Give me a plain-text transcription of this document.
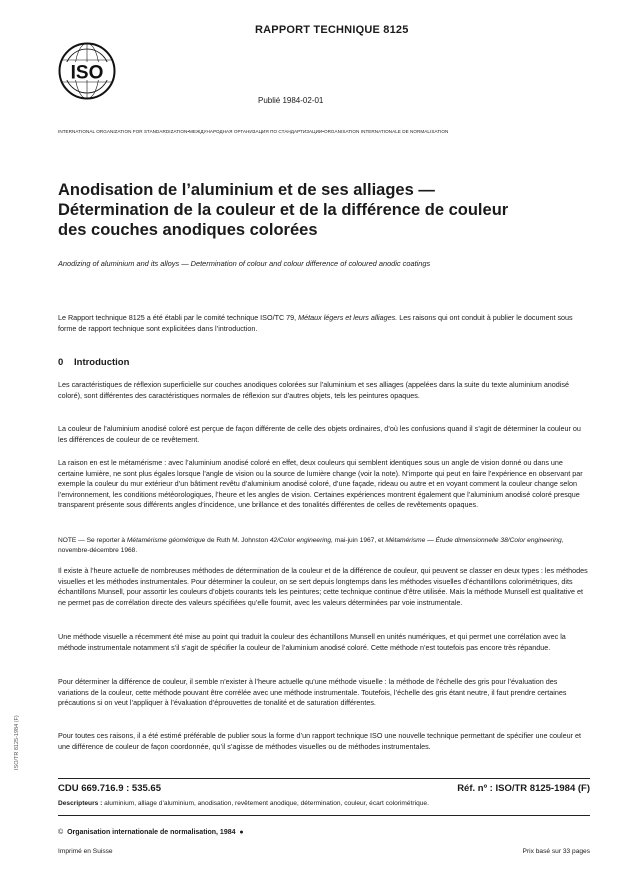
RAPPORT TECHNIQUE 8125
ISO
Publié 1984-02-01
INTERNATIONAL ORGANIZATION FOR STANDARDIZATION•МЕЖДУНАРОДНАЯ ОРГАНИЗАЦИЯ ПО СТАНДАРТИЗАЦИИ•ORGANISATION INTERNATIONALE DE NORMALISATION
Anodisation de l’aluminium et de ses alliages —
Détermination de la couleur et de la différence de couleur
des couches anodiques colorées
Anodizing of aluminium and its alloys — Determination of colour and colour difference of coloured anodic coatings
Le Rapport technique 8125 a été établi par le comité technique ISO/TC 79, Métaux légers et leurs alliages. Les raisons qui ont conduit à publier le document sous forme de rapport technique sont explicitées dans l’introduction.
0 Introduction
Les caractéristiques de réflexion superficielle sur couches anodiques colorées sur l’aluminium et ses alliages (appelées dans la suite du texte aluminium anodisé coloré), sont différentes des caractéristiques normales de réflexion sur d’autres objets, tels les peintures opaques.
La couleur de l’aluminium anodisé coloré est perçue de façon différente de celle des objets ordinaires, d’où les confusions quand il s’agit de déterminer la couleur ou les différences de couleur de ce revêtement.
La raison en est le métamérisme : avec l’aluminium anodisé coloré en effet, deux couleurs qui semblent identiques sous un angle de vision donné ou dans une certaine lumière, ne sont plus égales lorsque l’angle de vision ou la source de lumière change (voir la note). N’importe qui peut en faire l’expérience en observant par exemple la couleur du mur extérieur d’un bâtiment revêtu d’aluminium anodisé coloré, d’une façade, rideau ou autre et en voyant comment la couleur change selon l’environnement, les conditions météorologiques, l’heure et les angles de vision. Certaines expériences montrent également que l’aluminium anodisé coloré presque transparent présente sous différents angles d’incidence, une brillance et des tonalités différentes de celles de revêtements opaques.
NOTE — Se reporter à Métamérisme géométrique de Ruth M. Johnston 42/Color engineering, mai-juin 1967, et Métamérisme — Étude dimensionnelle 38/Color engineering, novembre-décembre 1968.
Il existe à l’heure actuelle de nombreuses méthodes de détermination de la couleur et de la différence de couleur, qui peuvent se classer en deux types : les méthodes visuelles et les méthodes instrumentales. Pour déterminer la couleur, on se sert depuis longtemps dans les méthodes visuelles d’échantillons colorimétriques, dits échantillons Munsell, pour assortir les couleurs d’objets courants tels les peintures; cette technique continue d’être utilisée. Mais la méthode Munsell est qualitative et ne permet pas de corrélation directe des valeurs spécifiées qu’elle fournit, avec les valeurs déterminées par voie instrumentale.
Une méthode visuelle a récemment été mise au point qui traduit la couleur des échantillons Munsell en unités numériques, et qui permet une corrélation avec la méthode instrumentale notamment s’il s’agit de spécifier la couleur de l’aluminium anodisé coloré. Cette méthode n’est toutefois pas encore très répandue.
Pour déterminer la différence de couleur, il semble n’exister à l’heure actuelle qu’une méthode visuelle : la méthode de l’échelle des gris pour l’évaluation des variations de la couleur, cette méthode pouvant être corrélée avec une méthode instrumentale. Toutefois, l’échelle des gris étant neutre, il faut prendre certaines précautions si on veut l’appliquer à l’évaluation d’éprouvettes de tonalité et de saturation différentes.
Pour toutes ces raisons, il a été estimé préférable de publier sous la forme d’un rapport technique ISO une nouvelle technique permettant de spécifier une couleur et une différence de couleur de façon coordonnée, qu’il s’agisse de méthodes visuelles ou de méthodes instrumentales.
CDU 669.716.9 : 535.65	Réf. nº : ISO/TR 8125-1984 (F)
Descripteurs : aluminium, alliage d’aluminium, anodisation, revêtement anodique, détermination, couleur, écart colorimétrique.
© Organisation internationale de normalisation, 1984 ●
Imprimé en Suisse	Prix basé sur 33 pages
ISO/TR 8125-1984 (F)
